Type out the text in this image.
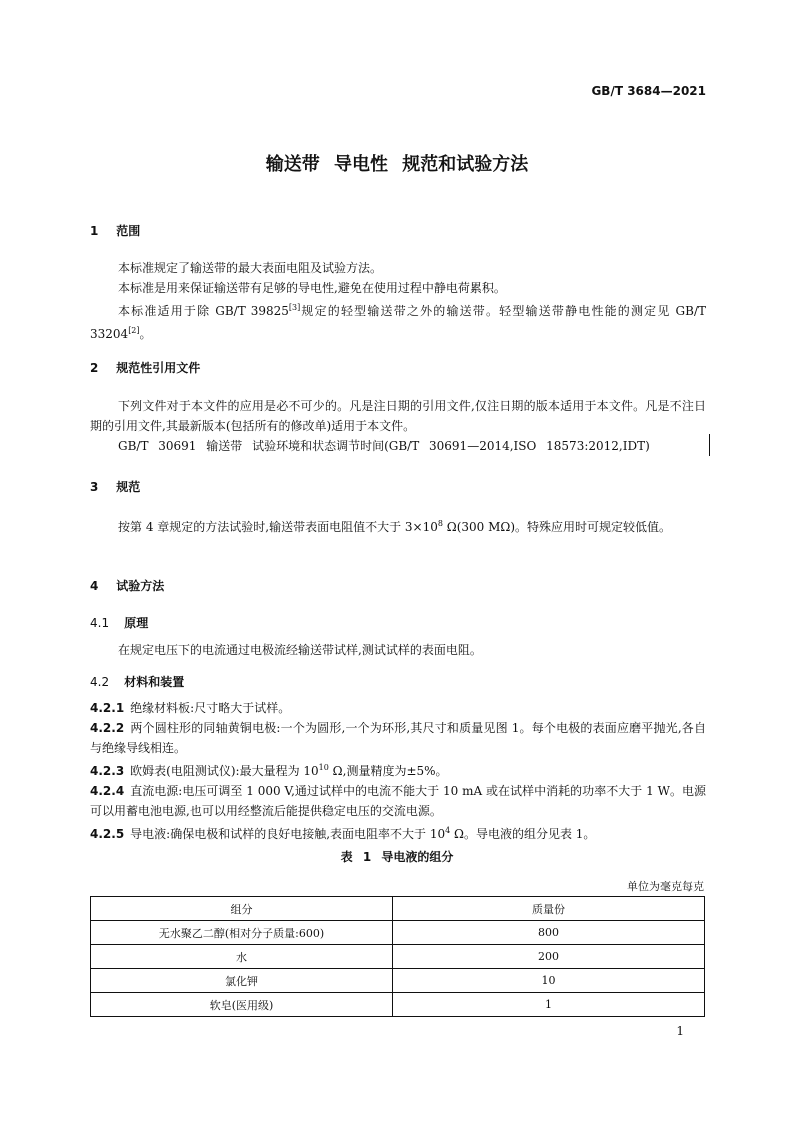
GB/T 3684—2021
输送带 导电性 规范和试验方法
1 范围

本标准规定了输送带的最大表面电阻及试验方法。

本标准是用来保证输送带有足够的导电性,避免在使用过程中静电荷累积。

本标准适用于除 GB/T 39825[3]规定的轻型输送带之外的输送带。轻型输送带静电性能的测定见 GB/T 33204[2]。

2 规范性引用文件

下列文件对于本文件的应用是必不可少的。凡是注日期的引用文件,仅注日期的版本适用于本文件。凡是不注日期的引用文件,其最新版本(包括所有的修改单)适用于本文件。

GB/T 30691 输送带 试验环境和状态调节时间(GB/T 30691—2014,ISO 18573:2012,IDT)

3 规范

按第 4 章规定的方法试验时,输送带表面电阻值不大于 $3\times 10^8$ Ω(300 MΩ)。特殊应用时可规定较低值。

4 试验方法
4.1 原理

在规定电压下的电流通过电极流经输送带试样,测试试样的表面电阻。

4.2 材料和装置

4.2.1 绝缘材料板:尺寸略大于试样。

4.2.2 两个圆柱形的同轴黄铜电极:一个为圆形,一个为环形,其尺寸和质量见图 1。每个电极的表面应磨平抛光,各自与绝缘导线相连。

4.2.3 欧姆表(电阻测试仪):最大量程为 $10^{10}$ Ω,测量精度为±5%。

4.2.4 直流电源:电压可调至 1 000 V,通过试样中的电流不能大于 10 mA 或在试样中消耗的功率不大于 1 W。电源可以用蓄电池电源,也可以用经整流后能提供稳定电压的交流电源。

4.2.5 导电液:确保电极和试样的良好电接触,表面电阻率不大于 $10^4$ Ω。导电液的组分见表 1。

表 1 导电液的组分
单位为毫克每克
组分	质量份
无水聚乙二醇(相对分子质量:600)	800
水	200
氯化钾	10
软皂(医用级)	1
1
